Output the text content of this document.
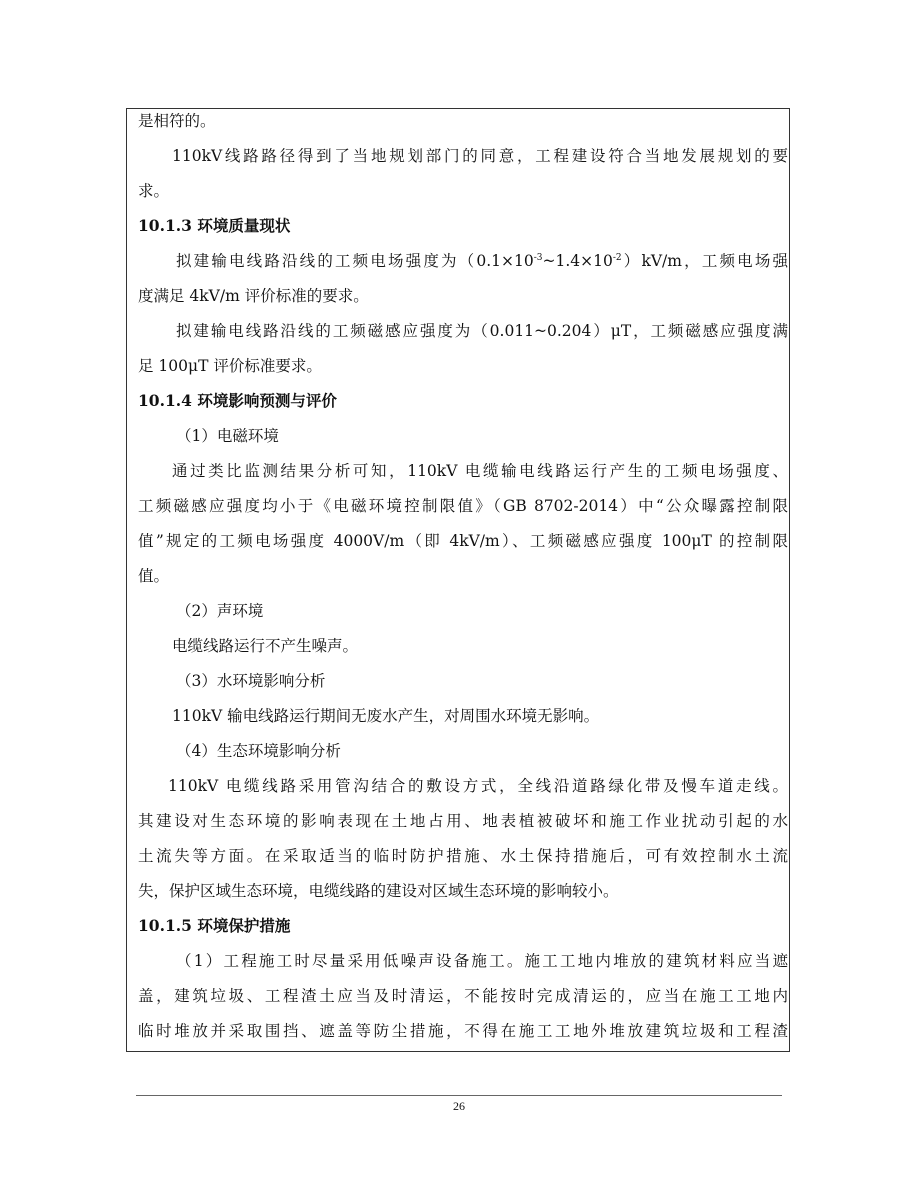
是相符的。
110kV线路路径得到了当地规划部门的同意，工程建设符合当地发展规划的要
求。
10.1.3 环境质量现状
拟建输电线路沿线的工频电场强度为$(0.1\times 10^{-3}\sim 1.4\times 10^{-2})kV/m$，工频电场强
度满足 4kV/m 评价标准的要求。
拟建输电线路沿线的工频磁感应强度为（0.011~0.204）μT，工频磁感应强度满
足 100μT 评价标准要求。
10.1.4 环境影响预测与评价
（1）电磁环境
通过类比监测结果分析可知，110kV 电缆输电线路运行产生的工频电场强度、
工频磁感应强度均小于《电磁环境控制限值》（GB 8702-2014）中“公众曝露控制限
值”规定的工频电场强度 4000V/m（即 4kV/m）、工频磁感应强度 100μT 的控制限
值。
（2）声环境
电缆线路运行不产生噪声。
（3）水环境影响分析
110kV 输电线路运行期间无废水产生，对周围水环境无影响。
（4）生态环境影响分析
110kV 电缆线路采用管沟结合的敷设方式，全线沿道路绿化带及慢车道走线。
其建设对生态环境的影响表现在土地占用、地表植被破坏和施工作业扰动引起的水
土流失等方面。在采取适当的临时防护措施、水土保持措施后，可有效控制水土流
失，保护区域生态环境，电缆线路的建设对区域生态环境的影响较小。
10.1.5 环境保护措施
（1）工程施工时尽量采用低噪声设备施工。施工工地内堆放的建筑材料应当遮
盖，建筑垃圾、工程渣土应当及时清运，不能按时完成清运的，应当在施工工地内
临时堆放并采取围挡、遮盖等防尘措施，不得在施工工地外堆放建筑垃圾和工程渣
26
